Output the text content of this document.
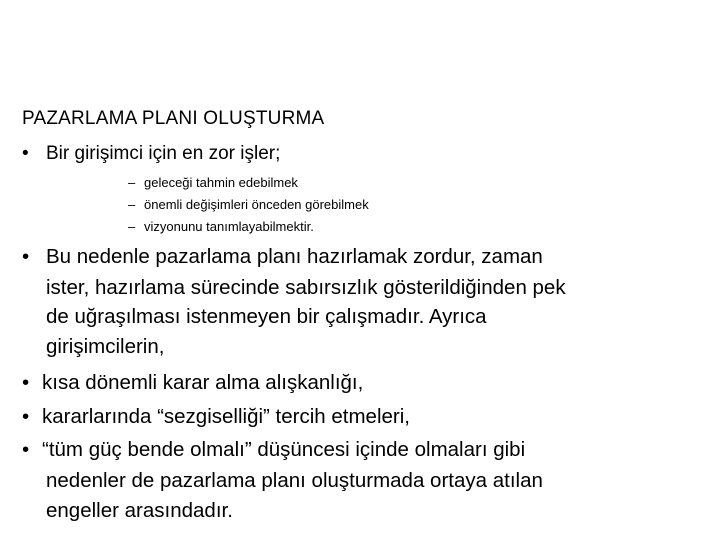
PAZARLAMA PLANI OLUŞTURMA
• Bir girişimci için en zor işler;
– geleceği tahmin edebilmek
– önemli değişimleri önceden görebilmek
– vizyonunu tanımlayabilmektir.
• Bu nedenle pazarlama planı hazırlamak zordur, zaman
ister, hazırlama sürecinde sabırsızlık gösterildiğinden pek
de uğraşılması istenmeyen bir çalışmadır. Ayrıca
girişimcilerin,
• kısa dönemli karar alma alışkanlığı,
• kararlarında “sezgiselliği” tercih etmeleri,
• “tüm güç bende olmalı” düşüncesi içinde olmaları gibi
nedenler de pazarlama planı oluşturmada ortaya atılan
engeller arasındadır.
